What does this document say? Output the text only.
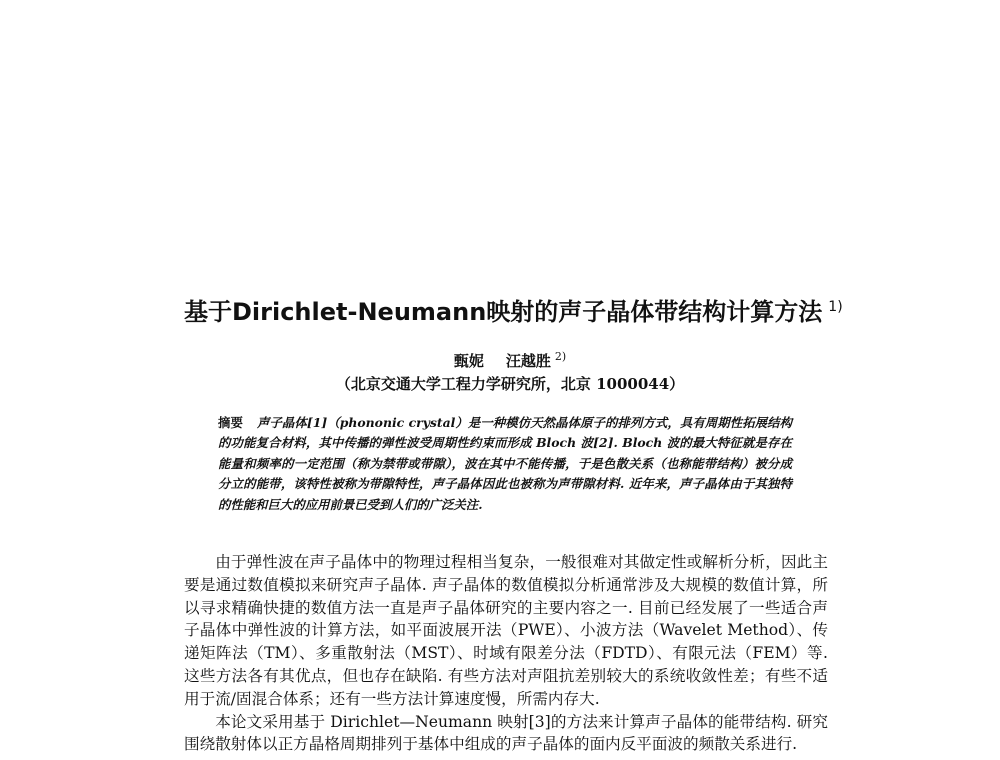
基于Dirichlet-Neumann映射的声子晶体带结构计算方法 $^{1)}$
甄妮 汪越胜 $^{2)}$
（北京交通大学工程力学研究所，北京 1000044）
摘要 声子晶体[1]（phononic crystal）是一种模仿天然晶体原子的排列方式，具有周期性拓展结构的功能复合材料，其中传播的弹性波受周期性约束而形成 Bloch 波[2]. Bloch 波的最大特征就是存在能量和频率的一定范围（称为禁带或带隙），波在其中不能传播，于是色散关系（也称能带结构）被分成分立的能带，该特性被称为带隙特性，声子晶体因此也被称为声带隙材料. 近年来，声子晶体由于其独特的性能和巨大的应用前景已受到人们的广泛关注.

由于弹性波在声子晶体中的物理过程相当复杂，一般很难对其做定性或解析分析，因此主要是通过数值模拟来研究声子晶体. 声子晶体的数值模拟分析通常涉及大规模的数值计算，所以寻求精确快捷的数值方法一直是声子晶体研究的主要内容之一. 目前已经发展了一些适合声子晶体中弹性波的计算方法，如平面波展开法（PWE）、小波方法（Wavelet Method）、传递矩阵法（TM）、多重散射法（MST）、时域有限差分法（FDTD）、有限元法（FEM）等. 这些方法各有其优点，但也存在缺陷. 有些方法对声阻抗差别较大的系统收敛性差；有些不适用于流/固混合体系；还有一些方法计算速度慢，所需内存大.

本论文采用基于 Dirichlet—Neumann 映射[3]的方法来计算声子晶体的能带结构. 研究围绕散射体以正方晶格周期排列于基体中组成的声子晶体的面内反平面波的频散关系进行.
